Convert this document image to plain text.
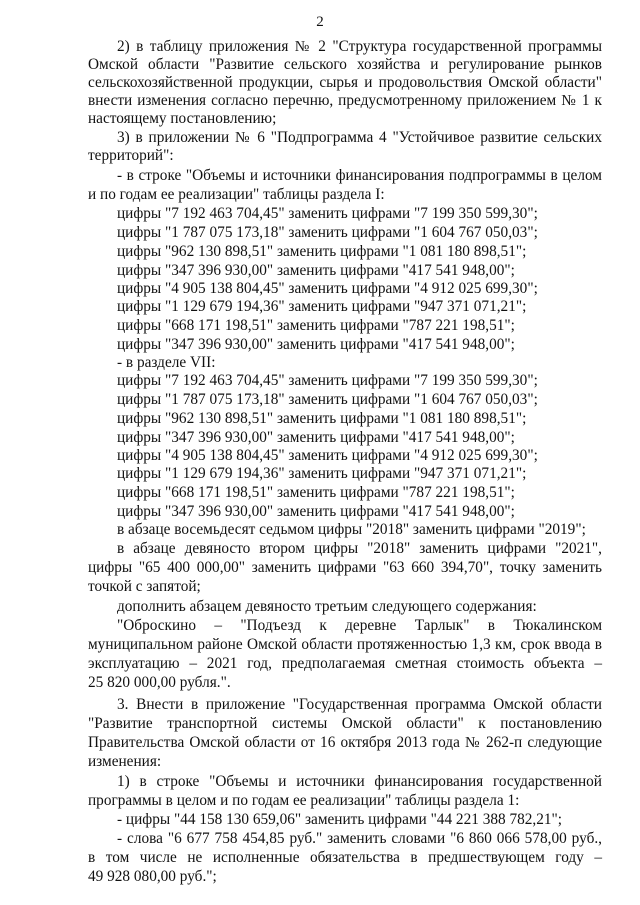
2
2) в таблицу приложения № 2 "Структура государственной программы
Омской области "Развитие сельского хозяйства и регулирование рынков
сельскохозяйственной продукции, сырья и продовольствия Омской области"
внести изменения согласно перечню, предусмотренному приложением № 1 к
настоящему постановлению;
3) в приложении № 6 "Подпрограмма 4 "Устойчивое развитие сельских
территорий":
- в строке "Объемы и источники финансирования подпрограммы в целом
и по годам ее реализации" таблицы раздела I:
цифры "7 192 463 704,45" заменить цифрами "7 199 350 599,30";
цифры "1 787 075 173,18" заменить цифрами "1 604 767 050,03";
цифры "962 130 898,51" заменить цифрами "1 081 180 898,51";
цифры "347 396 930,00" заменить цифрами "417 541 948,00";
цифры "4 905 138 804,45" заменить цифрами "4 912 025 699,30";
цифры "1 129 679 194,36" заменить цифрами "947 371 071,21";
цифры "668 171 198,51" заменить цифрами "787 221 198,51";
цифры "347 396 930,00" заменить цифрами "417 541 948,00";
- в разделе VII:
цифры "7 192 463 704,45" заменить цифрами "7 199 350 599,30";
цифры "1 787 075 173,18" заменить цифрами "1 604 767 050,03";
цифры "962 130 898,51" заменить цифрами "1 081 180 898,51";
цифры "347 396 930,00" заменить цифрами "417 541 948,00";
цифры "4 905 138 804,45" заменить цифрами "4 912 025 699,30";
цифры "1 129 679 194,36" заменить цифрами "947 371 071,21";
цифры "668 171 198,51" заменить цифрами "787 221 198,51";
цифры "347 396 930,00" заменить цифрами "417 541 948,00";
в абзаце восемьдесят седьмом цифры "2018" заменить цифрами "2019";
в абзаце девяносто втором цифры "2018" заменить цифрами "2021",
цифры "65 400 000,00" заменить цифрами "63 660 394,70", точку заменить
точкой с запятой;
дополнить абзацем девяносто третьим следующего содержания:
"Оброскино – "Подъезд к деревне Тарлык" в Тюкалинском
муниципальном районе Омской области протяженностью 1,3 км, срок ввода в
эксплуатацию – 2021 год, предполагаемая сметная стоимость объекта –
25 820 000,00 рубля.".
3. Внести в приложение "Государственная программа Омской области
"Развитие транспортной системы Омской области" к постановлению
Правительства Омской области от 16 октября 2013 года № 262-п следующие
изменения:
1) в строке "Объемы и источники финансирования государственной
программы в целом и по годам ее реализации" таблицы раздела 1:
- цифры "44 158 130 659,06" заменить цифрами "44 221 388 782,21";
- слова "6 677 758 454,85 руб." заменить словами "6 860 066 578,00 руб.,
в том числе не исполненные обязательства в предшествующем году –
49 928 080,00 руб.";
